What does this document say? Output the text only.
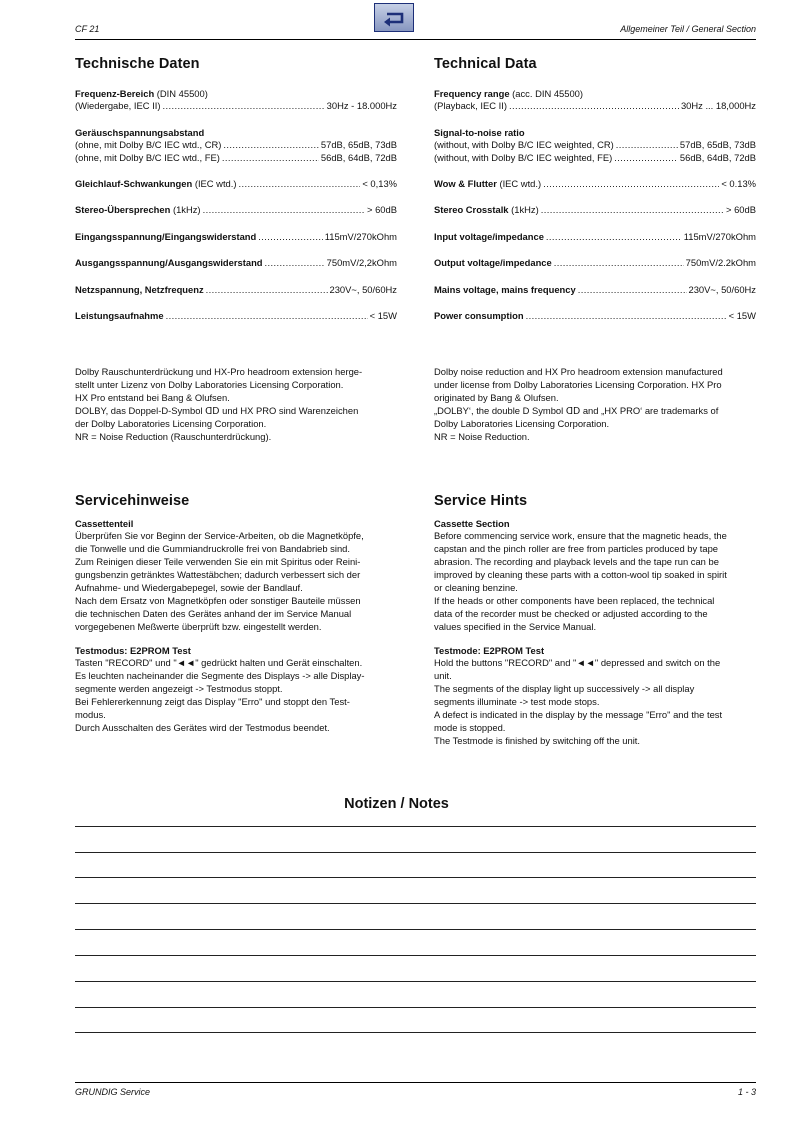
CF 21	Allgemeiner Teil / General Section
Technische Daten
Frequenz-Bereich (DIN 45500)
(Wiedergabe, IEC II) .....	30Hz - 18.000Hz
Geräuschspannungsabstand
(ohne, mit Dolby B/C IEC wtd., CR) .....	57dB, 65dB, 73dB
(ohne, mit Dolby B/C IEC wtd., FE) .....	56dB, 64dB, 72dB
Gleichlauf-Schwankungen (IEC wtd.) .....	< 0,13%
Stereo-Übersprechen (1kHz) .....	> 60dB
Eingangsspannung/Eingangswiderstand .....	115mV/270kOhm
Ausgangsspannung/Ausgangswiderstand .....	750mV/2,2kOhm
Netzspannung, Netzfrequenz .....	230V~, 50/60Hz
Leistungsaufnahme .....	< 15W
Dolby Rauschunterdrückung und HX-Pro headroom extension herge-
stellt unter Lizenz von Dolby Laboratories Licensing Corporation.
HX Pro entstand bei Bang & Olufsen.
DOLBY, das Doppel-D-Symbol ꓷꓓ und HX PRO sind Warenzeichen
der Dolby Laboratories Licensing Corporation.
NR = Noise Reduction (Rauschunterdrückung).
Servicehinweise
Cassettenteil
Überprüfen Sie vor Beginn der Service-Arbeiten, ob die Magnetköpfe,
die Tonwelle und die Gummiandruckrolle frei von Bandabrieb sind.
Zum Reinigen dieser Teile verwenden Sie ein mit Spiritus oder Reini-
gungsbenzin getränktes Wattestäbchen; dadurch verbessert sich der
Aufnahme- und Wiedergabepegel, sowie der Bandlauf.
Nach dem Ersatz von Magnetköpfen oder sonstiger Bauteile müssen
die technischen Daten des Gerätes anhand der im Service Manual
vorgegebenen Meßwerte überprüft bzw. eingestellt werden.
Testmodus: E2PROM Test
Tasten "RECORD" und "◄◄" gedrückt halten und Gerät einschalten.
Es leuchten nacheinander die Segmente des Displays -> alle Display-
segmente werden angezeigt -> Testmodus stoppt.
Bei Fehlererkennung zeigt das Display "Erro" und stoppt den Test-
modus.
Durch Ausschalten des Gerätes wird der Testmodus beendet.
Technical Data
Frequency range (acc. DIN 45500)
(Playback, IEC II) .....	30Hz ... 18,000Hz
Signal-to-noise ratio
(without, with Dolby B/C IEC weighted, CR) .....	57dB, 65dB, 73dB
(without, with Dolby B/C IEC weighted, FE) .....	56dB, 64dB, 72dB
Wow & Flutter (IEC wtd.) .....	< 0.13%
Stereo Crosstalk (1kHz) .....	> 60dB
Input voltage/impedance .....	115mV/270kOhm
Output voltage/impedance .....	750mV/2.2kOhm
Mains voltage, mains frequency .....	230V~, 50/60Hz
Power consumption .....	< 15W
Dolby noise reduction and HX Pro headroom extension manufactured
under license from Dolby Laboratories Licensing Corporation. HX Pro
originated by Bang & Olufsen.
„DOLBY‘, the double D Symbol ꓷꓓ and „HX PRO‘ are trademarks of
Dolby Laboratories Licensing Corporation.
NR = Noise Reduction.
Service Hints
Cassette Section
Before commencing service work, ensure that the magnetic heads, the
capstan and the pinch roller are free from particles produced by tape
abrasion. The recording and playback levels and the tape run can be
improved by cleaning these parts with a cotton-wool tip soaked in spirit
or cleaning benzine.
If the heads or other components have been replaced, the technical
data of the recorder must be checked or adjusted according to the
values specified in the Service Manual.
Testmode: E2PROM Test
Hold the buttons "RECORD" and "◄◄" depressed and switch on the
unit.
The segments of the display light up successively -> all display
segments illuminate -> test mode stops.
A defect is indicated in the display by the message "Erro" and the test
mode is stopped.
The Testmode is finished by switching off the unit.
Notizen / Notes
GRUNDIG Service	1 - 3
